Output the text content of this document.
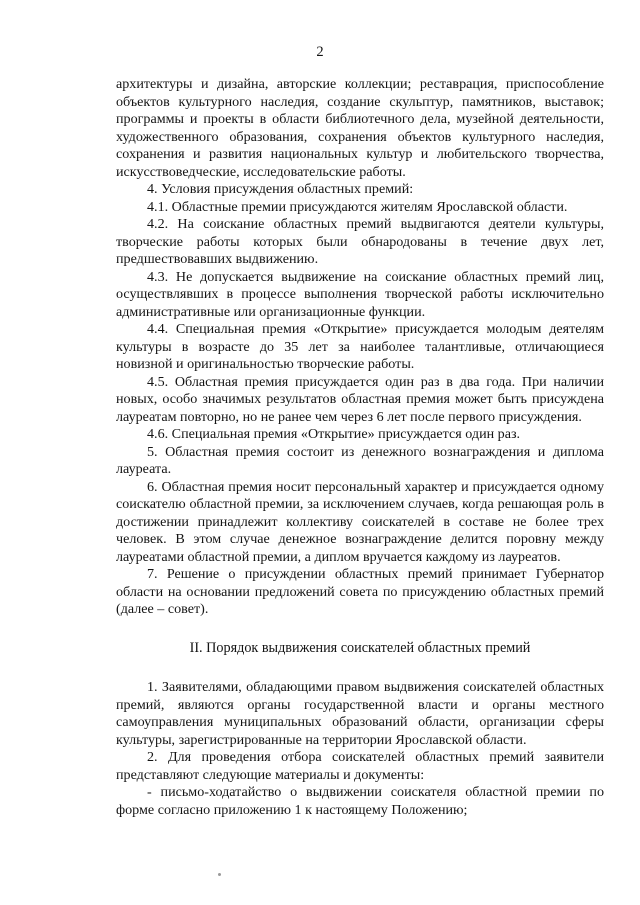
2

архитектуры и дизайна, авторские коллекции; реставрация, приспособление объектов культурного наследия, создание скульптур, памятников, выставок; программы и проекты в области библиотечного дела, музейной деятельности, художественного образования, сохранения объектов культурного наследия, сохранения и развития национальных культур и любительского творчества, искусствоведческие, исследовательские работы.

4. Условия присуждения областных премий:

4.1. Областные премии присуждаются жителям Ярославской области.

4.2. На соискание областных премий выдвигаются деятели культуры, творческие работы которых были обнародованы в течение двух лет, предшествовавших выдвижению.

4.3. Не допускается выдвижение на соискание областных премий лиц, осуществлявших в процессе выполнения творческой работы исключительно административные или организационные функции.

4.4. Специальная премия «Открытие» присуждается молодым деятелям культуры в возрасте до 35 лет за наиболее талантливые, отличающиеся новизной и оригинальностью творческие работы.

4.5. Областная премия присуждается один раз в два года. При наличии новых, особо значимых результатов областная премия может быть присуждена лауреатам повторно, но не ранее чем через 6 лет после первого присуждения.

4.6. Специальная премия «Открытие» присуждается один раз.

5. Областная премия состоит из денежного вознаграждения и диплома лауреата.

6. Областная премия носит персональный характер и присуждается одному соискателю областной премии, за исключением случаев, когда решающая роль в достижении принадлежит коллективу соискателей в составе не более трех человек. В этом случае денежное вознаграждение делится поровну между лауреатами областной премии, а диплом вручается каждому из лауреатов.

7. Решение о присуждении областных премий принимает Губернатор области на основании предложений совета по присуждению областных премий (далее – совет).

II. Порядок выдвижения соискателей областных премий

1. Заявителями, обладающими правом выдвижения соискателей областных премий, являются органы государственной власти и органы местного самоуправления муниципальных образований области, организации сферы культуры, зарегистрированные на территории Ярославской области.

2. Для проведения отбора соискателей областных премий заявители представляют следующие материалы и документы:

- письмо-ходатайство о выдвижении соискателя областной премии по форме согласно приложению 1 к настоящему Положению;
